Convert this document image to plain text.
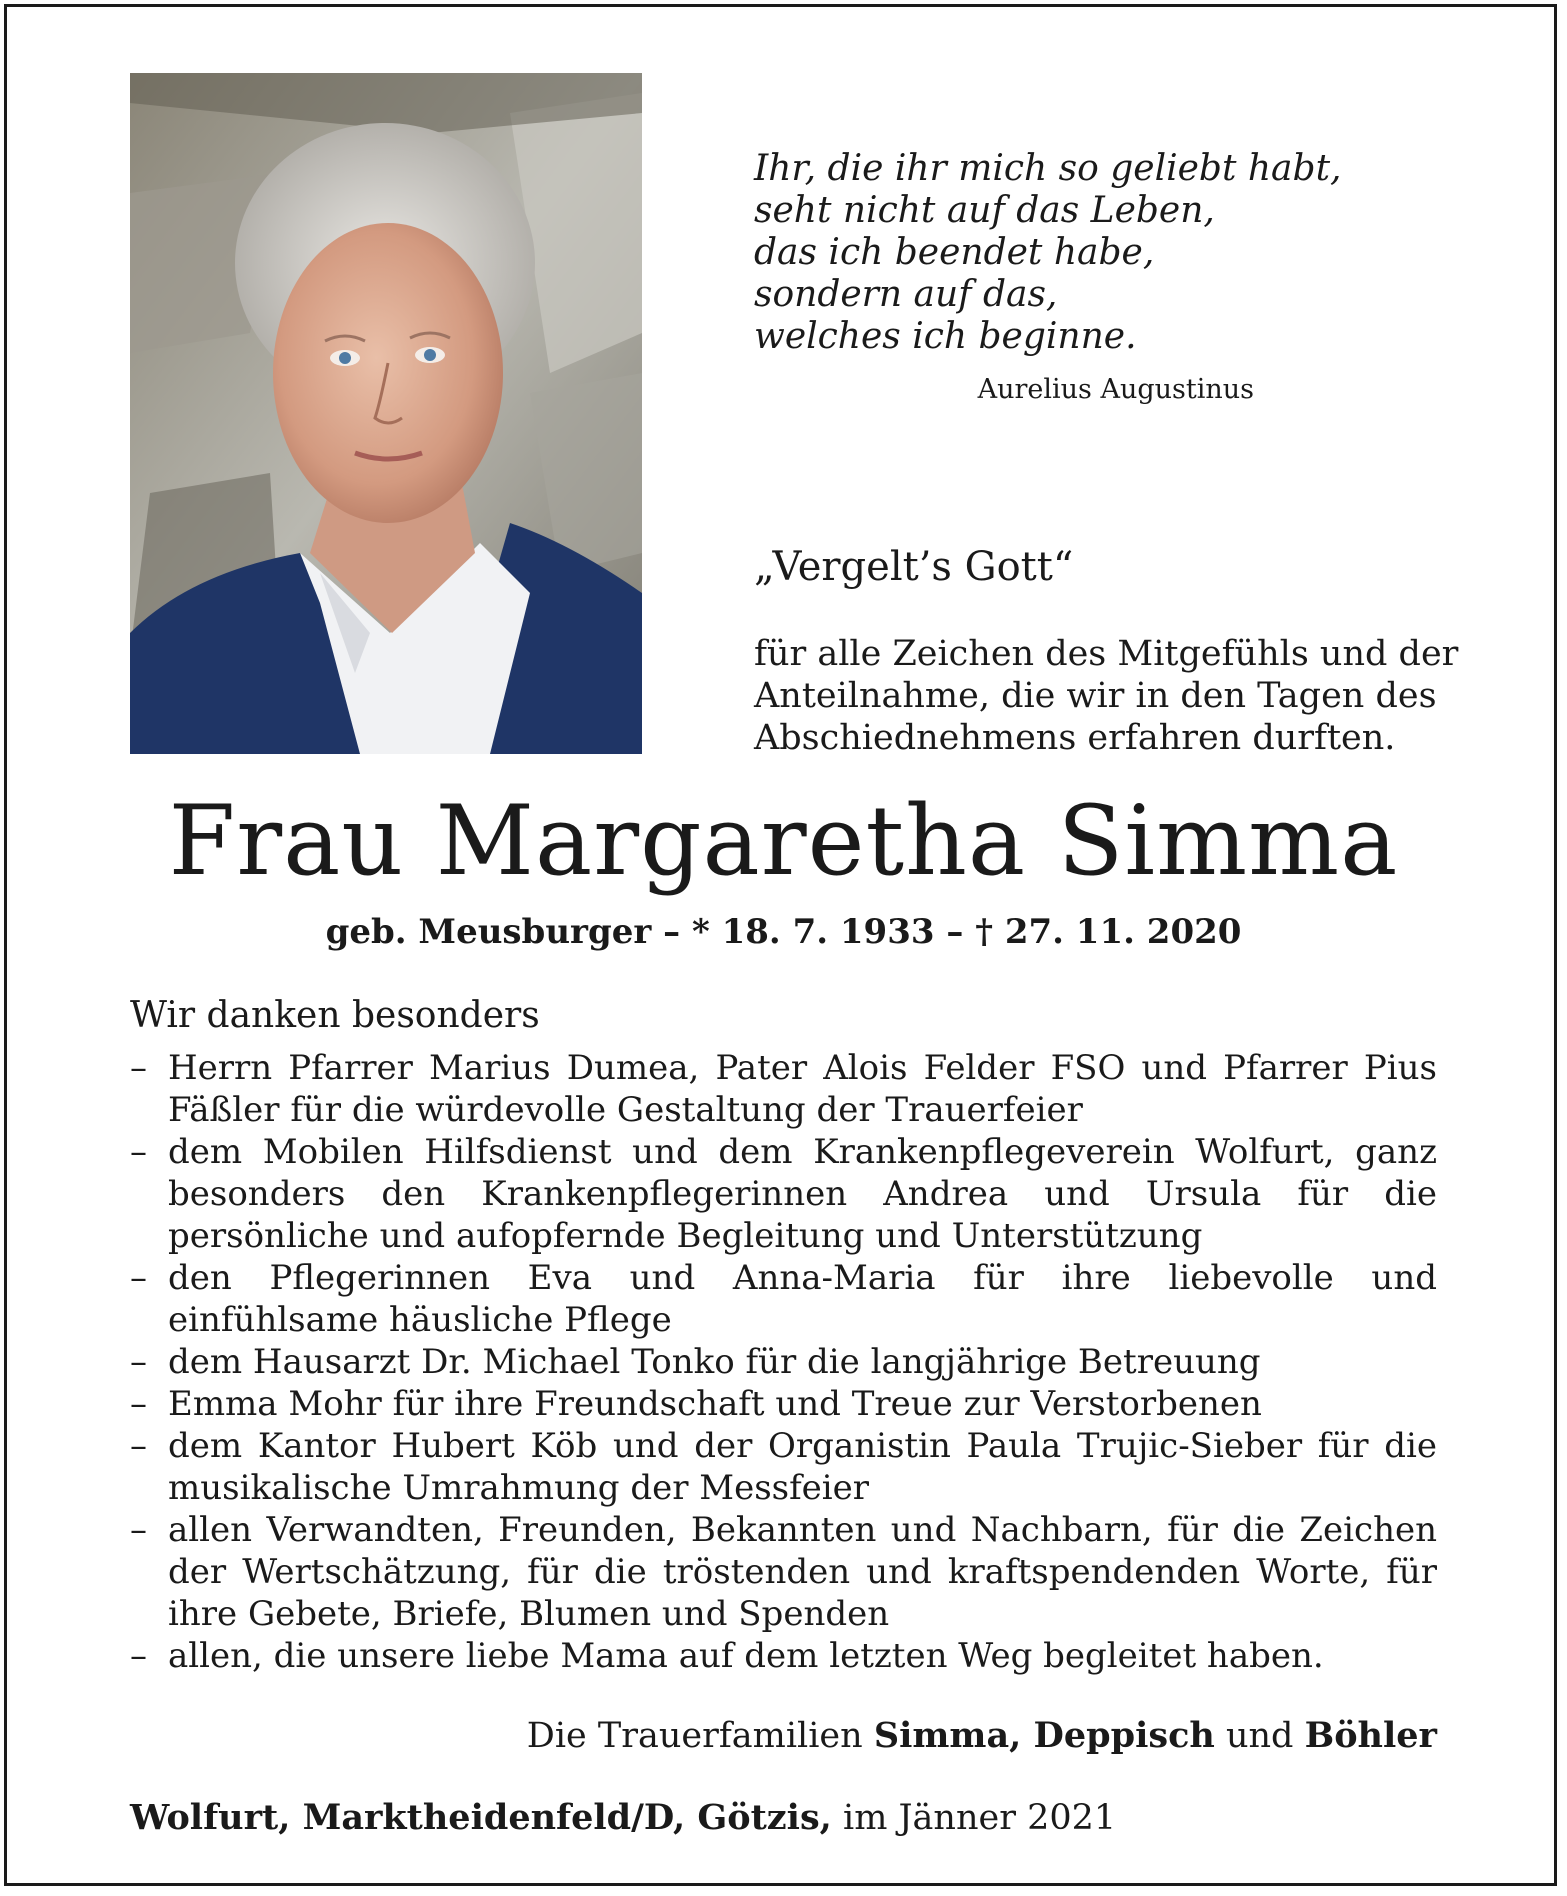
Ihr, die ihr mich so geliebt habt,
seht nicht auf das Leben,
das ich beendet habe,
sondern auf das,
welches ich beginne.
Aurelius Augustinus
„Vergelt’s Gott“
für alle Zeichen des Mitgefühls und der
Anteilnahme, die wir in den Tagen des
Abschiednehmens erfahren durften.
Frau Margaretha Simma
geb. Meusburger – * 18. 7. 1933 – † 27. 11. 2020
Wir danken besonders
– Herrn Pfarrer Marius Dumea, Pater Alois Felder FSO und Pfarrer Pius Fäßler für die würdevolle Gestaltung der Trauerfeier
– dem Mobilen Hilfsdienst und dem Krankenpflegeverein Wolfurt, ganz besonders den Krankenpflegerinnen Andrea und Ursula für die persönliche und aufopfernde Begleitung und Unterstützung
– den Pflegerinnen Eva und Anna-Maria für ihre liebevolle und einfühlsame häusliche Pflege
– dem Hausarzt Dr. Michael Tonko für die langjährige Betreuung
– Emma Mohr für ihre Freundschaft und Treue zur Verstorbenen
– dem Kantor Hubert Köb und der Organistin Paula Trujic-Sieber für die musikalische Umrahmung der Messfeier
– allen Verwandten, Freunden, Bekannten und Nachbarn, für die Zeichen der Wertschätzung, für die tröstenden und kraftspendenden Worte, für ihre Gebete, Briefe, Blumen und Spenden
– allen, die unsere liebe Mama auf dem letzten Weg begleitet haben.
Die Trauerfamilien Simma, Deppisch und Böhler
Wolfurt, Marktheidenfeld/D, Götzis, im Jänner 2021
